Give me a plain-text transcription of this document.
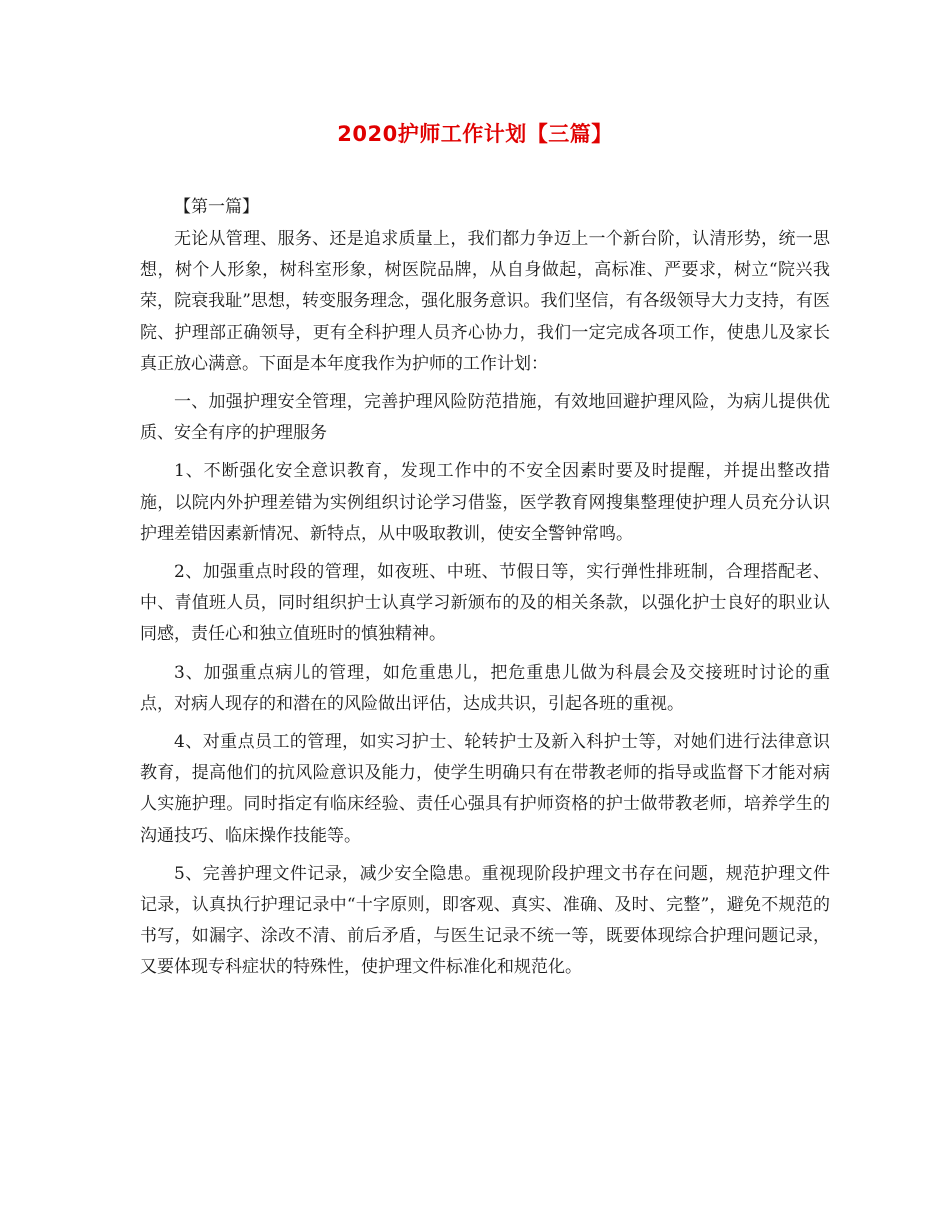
2020护师工作计划【三篇】

【第一篇】

无论从管理、服务、还是追求质量上，我们都力争迈上一个新台阶，认清形势，统一思想，树个人形象，树科室形象，树医院品牌，从自身做起，高标准、严要求，树立“院兴我荣，院衰我耻”思想，转变服务理念，强化服务意识。我们坚信，有各级领导大力支持，有医院、护理部正确领导，更有全科护理人员齐心协力，我们一定完成各项工作，使患儿及家长真正放心满意。下面是本年度我作为护师的工作计划：

一、加强护理安全管理，完善护理风险防范措施，有效地回避护理风险，为病儿提供优质、安全有序的护理服务

1、不断强化安全意识教育，发现工作中的不安全因素时要及时提醒，并提出整改措施，以院内外护理差错为实例组织讨论学习借鉴，医学教育网搜集整理使护理人员充分认识护理差错因素新情况、新特点，从中吸取教训，使安全警钟常鸣。

2、加强重点时段的管理，如夜班、中班、节假日等，实行弹性排班制，合理搭配老、中、青值班人员，同时组织护士认真学习新颁布的及的相关条款，以强化护士良好的职业认同感，责任心和独立值班时的慎独精神。

3、加强重点病儿的管理，如危重患儿，把危重患儿做为科晨会及交接班时讨论的重点，对病人现存的和潜在的风险做出评估，达成共识，引起各班的重视。

4、对重点员工的管理，如实习护士、轮转护士及新入科护士等，对她们进行法律意识教育，提高他们的抗风险意识及能力，使学生明确只有在带教老师的指导或监督下才能对病人实施护理。同时指定有临床经验、责任心强具有护师资格的护士做带教老师，培养学生的沟通技巧、临床操作技能等。

5、完善护理文件记录，减少安全隐患。重视现阶段护理文书存在问题，规范护理文件记录，认真执行护理记录中“十字原则，即客观、真实、准确、及时、完整”，避免不规范的书写，如漏字、涂改不清、前后矛盾，与医生记录不统一等，既要体现综合护理问题记录，又要体现专科症状的特殊性，使护理文件标准化和规范化。
